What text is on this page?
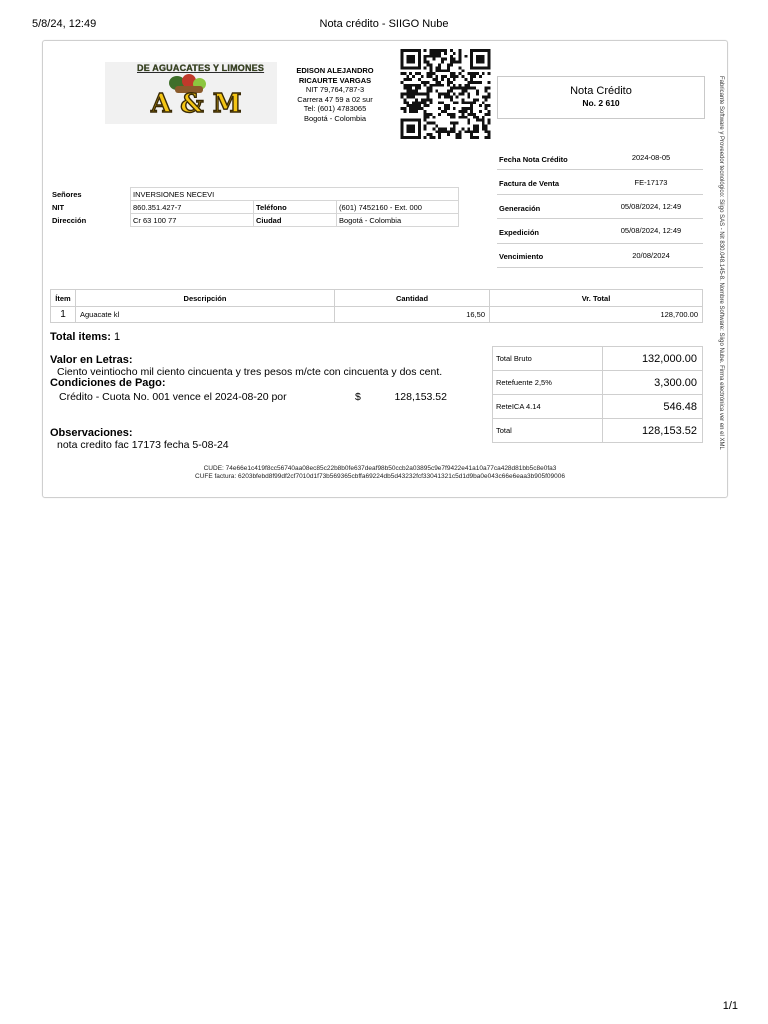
5/8/24, 12:49	Nota crédito - SIIGO Nube
1/1
DE AGUACATES Y LIMONES
A & M
EDISON ALEJANDRO
RICAURTE VARGAS
NIT 79,764,787-3
Carrera 47 59 a 02 sur
Tel: (601) 4783065
Bogotá - Colombia
Nota Crédito
No. 2 610	Fabricante Software y Proveedor tecnológico: Siigo SAS - Nit 830.048.145-8. Nombre Software: Siigo Nube. Firma electrónica ver en el XML
Fecha Nota Crédito	2024-08-05
Factura de Venta	FE-17173
Generación	05/08/2024, 12:49
Expedición	05/08/2024, 12:49
Vencimiento	20/08/2024
Señores	INVERSIONES NECEVI		
NIT	860.351.427-7	Teléfono	(601) 7452160 - Ext. 000
Dirección	Cr 63 100 77	Ciudad	Bogotá - Colombia
Ítem	Descripción	Cantidad	Vr. Total
1	Aguacate kl	16,50	128,700.00
Total items: 1
Valor en Letras:
Ciento veintiocho mil ciento cincuenta y tres pesos m/cte con cincuenta y dos cent.
Condiciones de Pago:
Crédito - Cuota No. 001 vence el 2024-08-20 por	$	128,153.52
Observaciones:
nota credito fac 17173 fecha 5-08-24
Total Bruto	132,000.00
Retefuente 2,5%	3,300.00
ReteICA 4.14	546.48
Total	128,153.52
CUDE: 74e66e1c419f8cc56740aa08ec85c22b8b0fe637deaf98b50ccb2a03895c9e7f9422e41a10a77ca428d81bb5c8e0fa3
CUFE factura: 6203bfebd8f99df2cf7010d1f73b569365cbffa69224db5d43232fcf33041321c5d1d9ba0e043c66e6eaa3b905f09006
